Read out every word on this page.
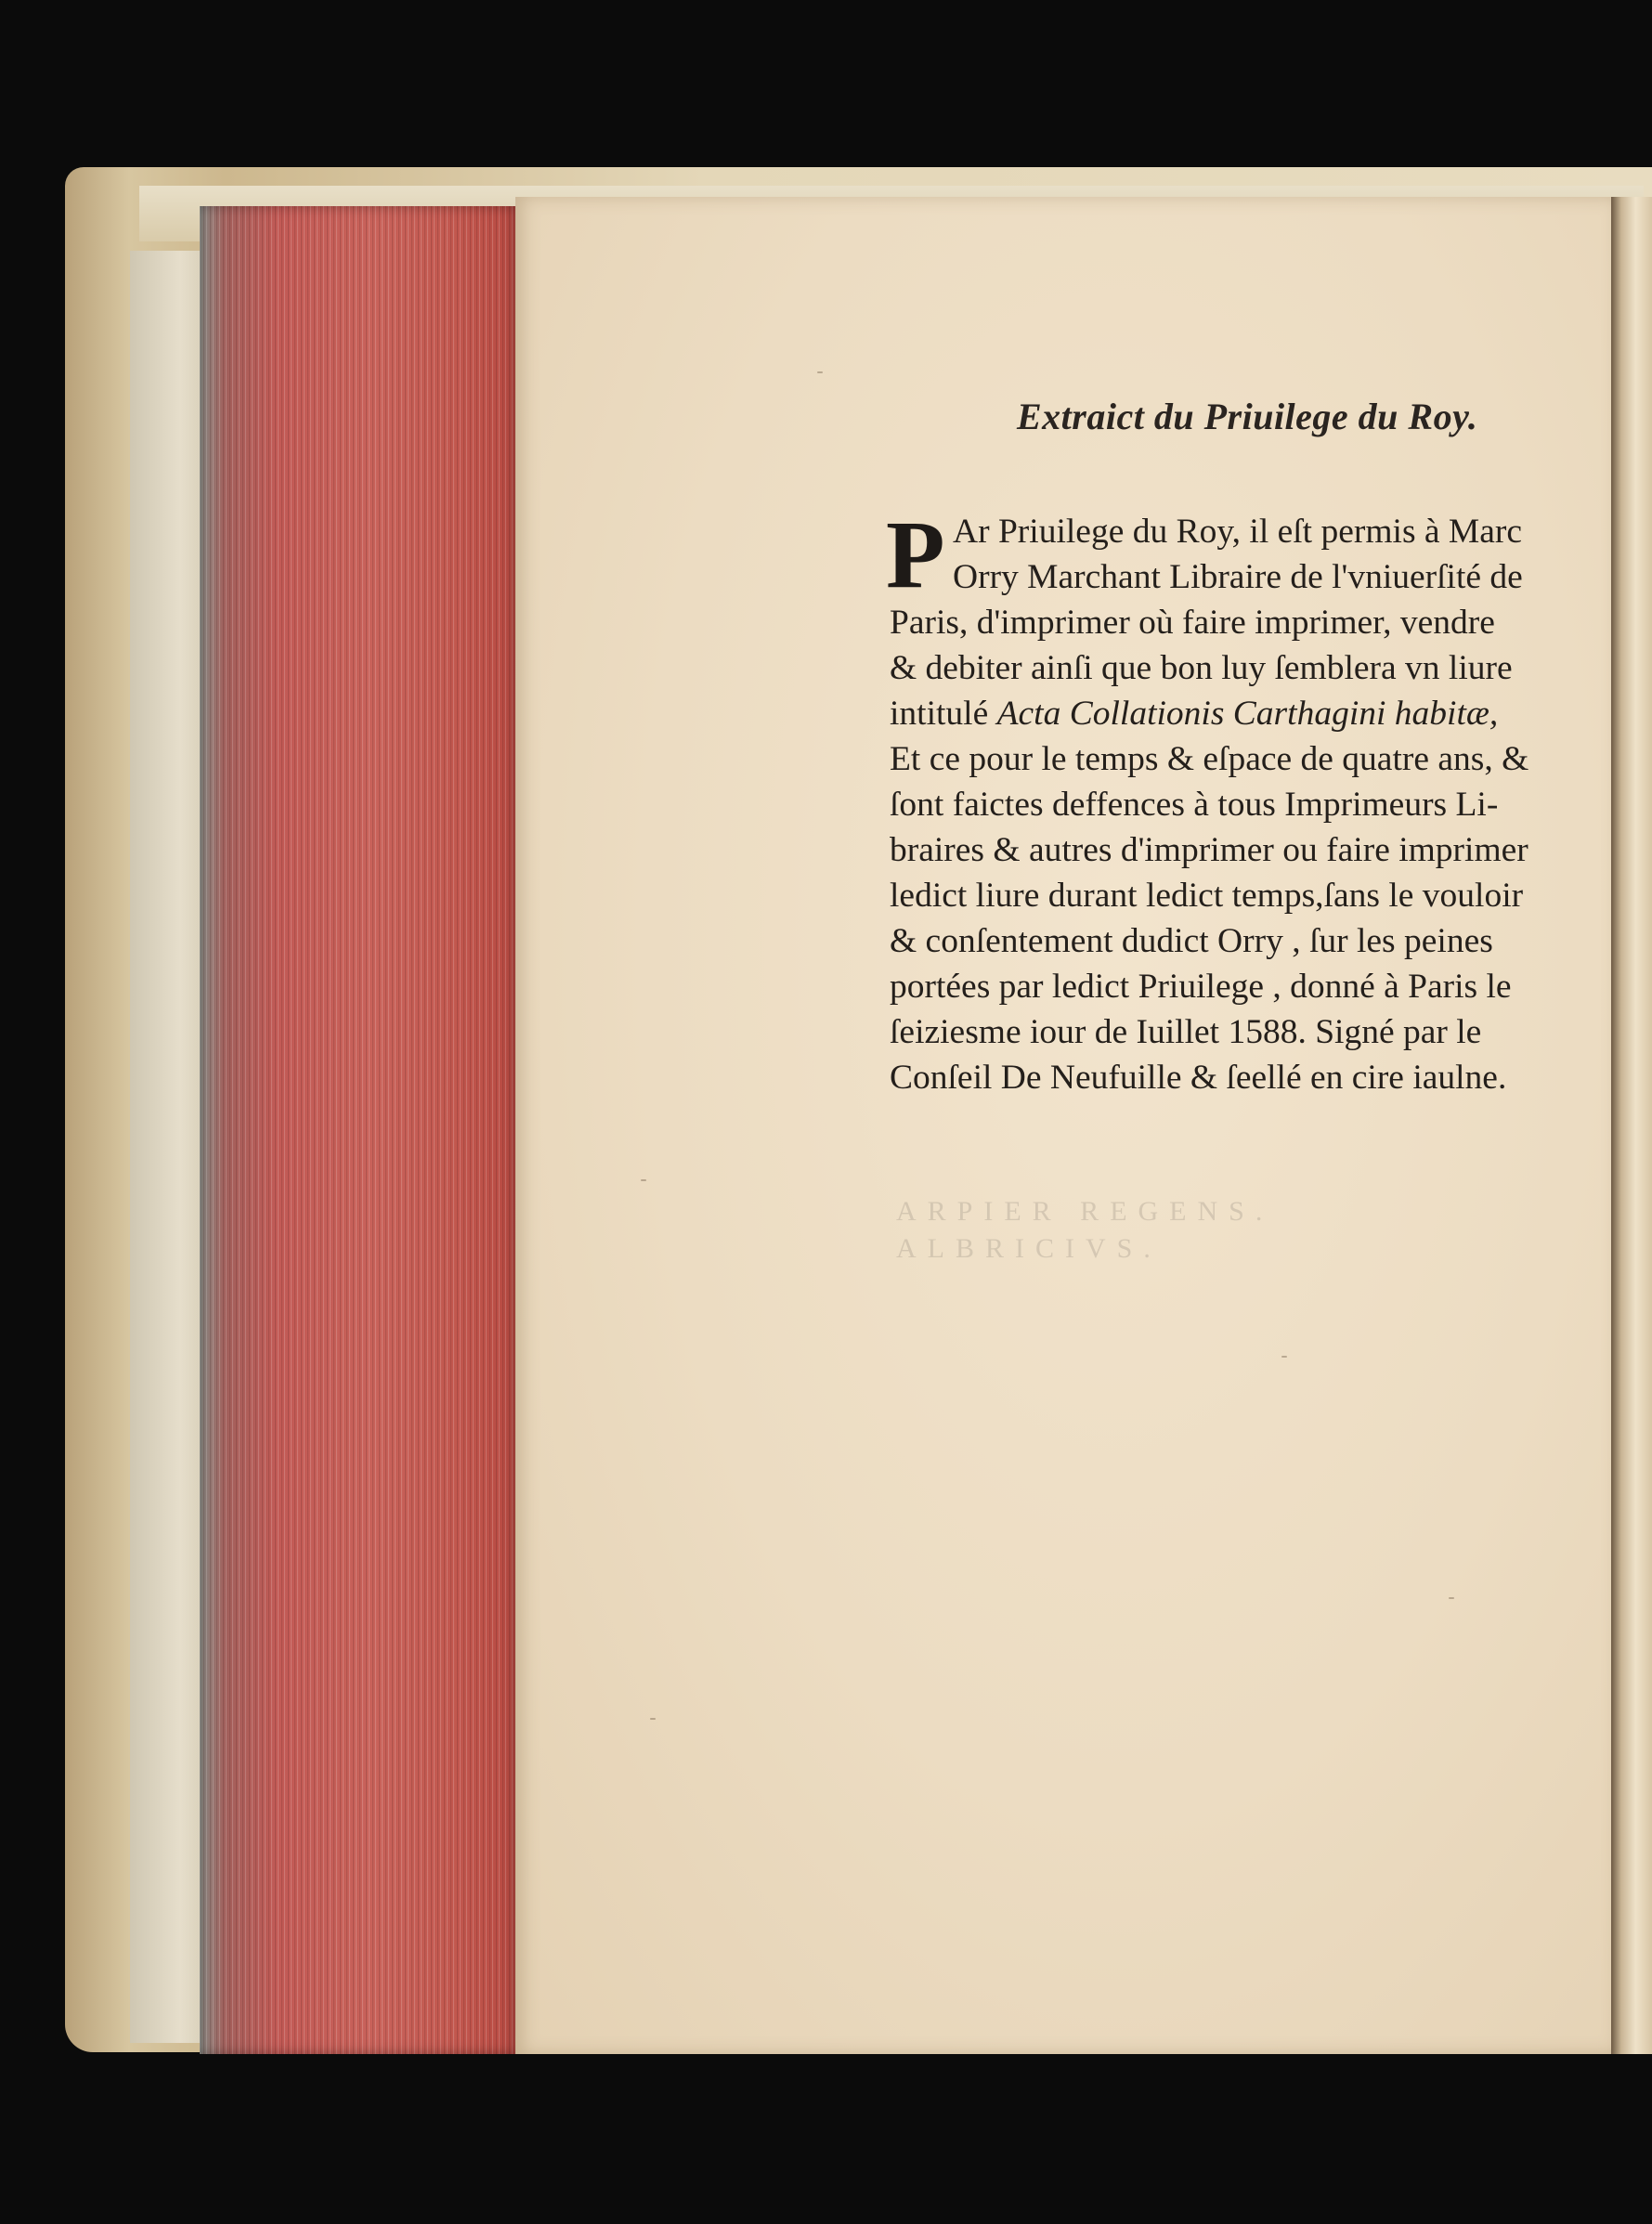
Extraict du Priuilege du Roy.
P Ar Priuilege du Roy, il eſt permis à Marc
Orry Marchant Libraire de l'vniuerſité de
Paris, d'imprimer où faire imprimer, vendre
& debiter ainſi que bon luy ſemblera vn liure
intitulé Acta Collationis Carthagini habitæ,
Et ce pour le temps & eſpace de quatre ans, &
ſont faictes deffences à tous Imprimeurs Li-
braires & autres d'imprimer ou faire imprimer
ledict liure durant ledict temps,ſans le vouloir
& conſentement dudict Orry , ſur les peines
portées par ledict Priuilege , donné à Paris le
ſeiziesme iour de Iuillet 1588. Signé par le
Conſeil De Neufuille & ſeellé en cire iaulne.
ARPIER REGENS.
ALBRICIVS.
